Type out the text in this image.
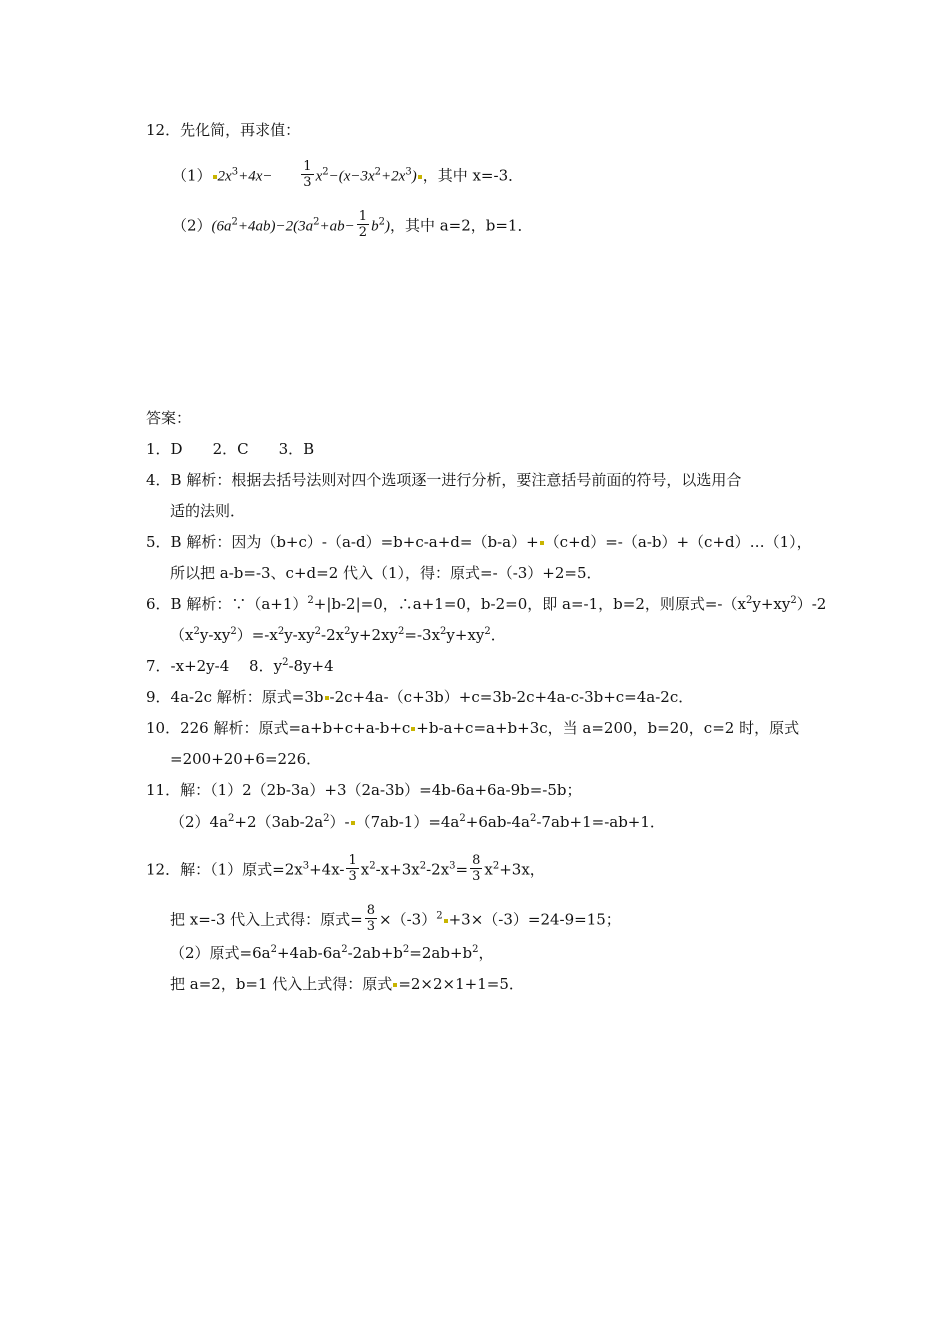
12．先化简，再求值：
（1） $2x^3+4x- \frac{1}{3} x^2-(x-3x^2+2x^3)$ ，其中 x=-3．
$(2)(6a^2+4ab)-2(3a^2+ab- \frac{1}{2} b^2)$，其中 a=2，b=1．
答案：
1．D　　2．C　　3．B
4．B 解析：根据去括号法则对四个选项逐一进行分析，要注意括号前面的符号，以选用合
适的法则．
5．B 解析：因为（b+c）-（a-d）=b+c-a+d=（b-a）+ （c+d）=-（a-b）+（c+d）…（1），
所以把 a-b=-3、c+d=2 代入（1），得：原式=-（-3）+2=5．
6．B 解析：$\because(a+1)^2+|b-2|=0$，∴a+1=0，b-2=0，即 a=-1，b=2，则原式$=-(x^2y+xy^2)-2$
$(x^2y-xy^2)=-x^2y-xy^2-2x^2y+2xy^2=-3x^2y+xy^2$．
7．-x+2y-4　 8．$y^2-8y+4$
9．4a-2c 解析：原式=3b -2c+4a-（c+3b）+c=3b-2c+4a-c-3b+c=4a-2c．
10．226 解析：原式=a+b+c+a-b+c +b-a+c=a+b+3c，当 a=200，b=20，c=2 时，原式
=200+20+6=226．
11．解：（1）2（2b-3a）+3（2a-3b）=4b-6a+6a-9b=-5b；
$(2)4a^2+2(3ab-2a^2)-$ $(7ab-1)=4a^2+6ab-4a^2-7ab+1=-ab+1$．
12．解：（1）原式$=2x^3+4x- \frac{1}{3} x^2-x+3x^2-2x^3= \frac{8}{3} x^2+3x$，
把 x=-3 代入上式得：原式= $\frac{8}{3} \times(-3)^2 +3\times(-3)=24-9=15$；
（2）原式$=6a^2+4ab-6a^2-2ab+b^2=2ab+b^2$，
把 a=2，b=1 代入上式得：原式 =2×2×1+1=5．
